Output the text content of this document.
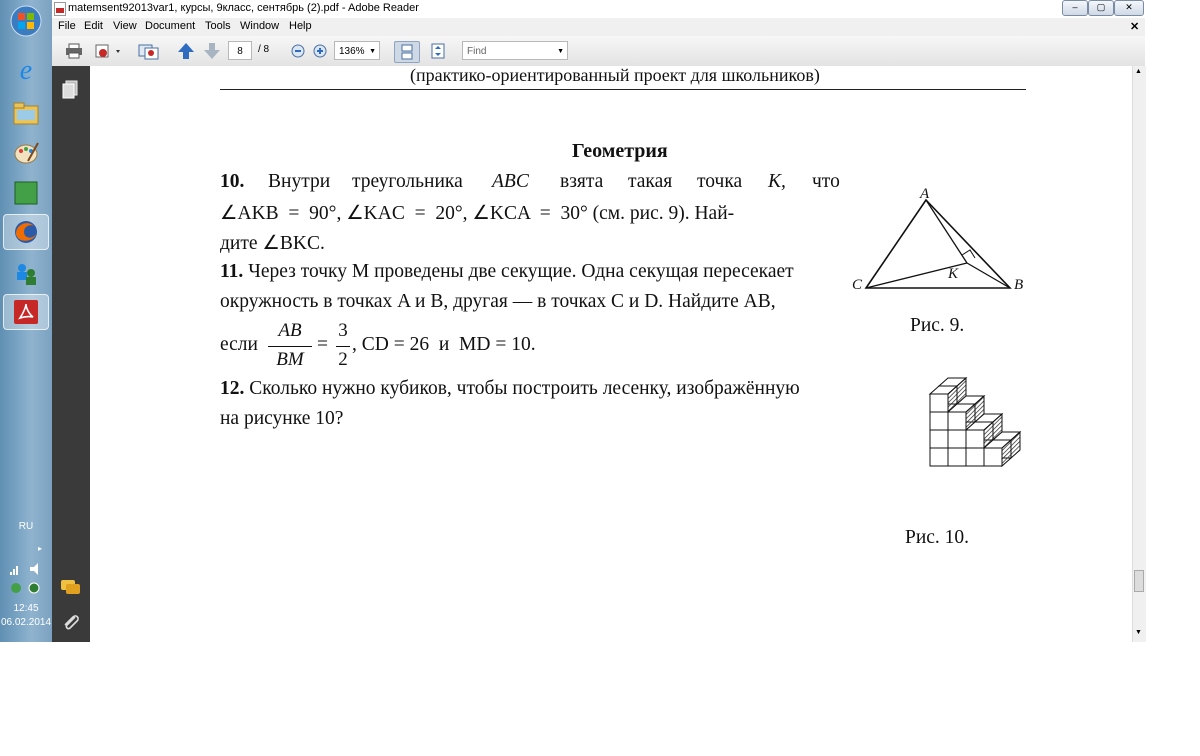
e
RU
▸
12:45
06.02.2014
matemsent92013var1, курсы, 9класс, сентябрь (2).pdf - Adobe Reader	–	▢	✕
File Edit View Document Tools Window Help	✕
8	/ 8	136% ▼	Find	▼
(практико-ориентированный проект для школьников)
Геометрия
10. Внутри треугольника ABC взята такая точка K, что
∠AKB  =  90°, ∠KAC  =  20°, ∠KCA  =  30° (см. рис. 9). Най-
дите ∠BKC.
11. Через точку M проведены две секущие. Одна секущая пересекает
окружность в точках A и B, другая — в точках C и D. Найдите AB,
если
AB
BM
=
3
2
, CD = 26  и  MD = 10.
12. Сколько нужно кубиков, чтобы построить лесенку, изображённую
на рисунке 10?
A
C	B
K
Рис. 9.
Рис. 10.
▲
▼
